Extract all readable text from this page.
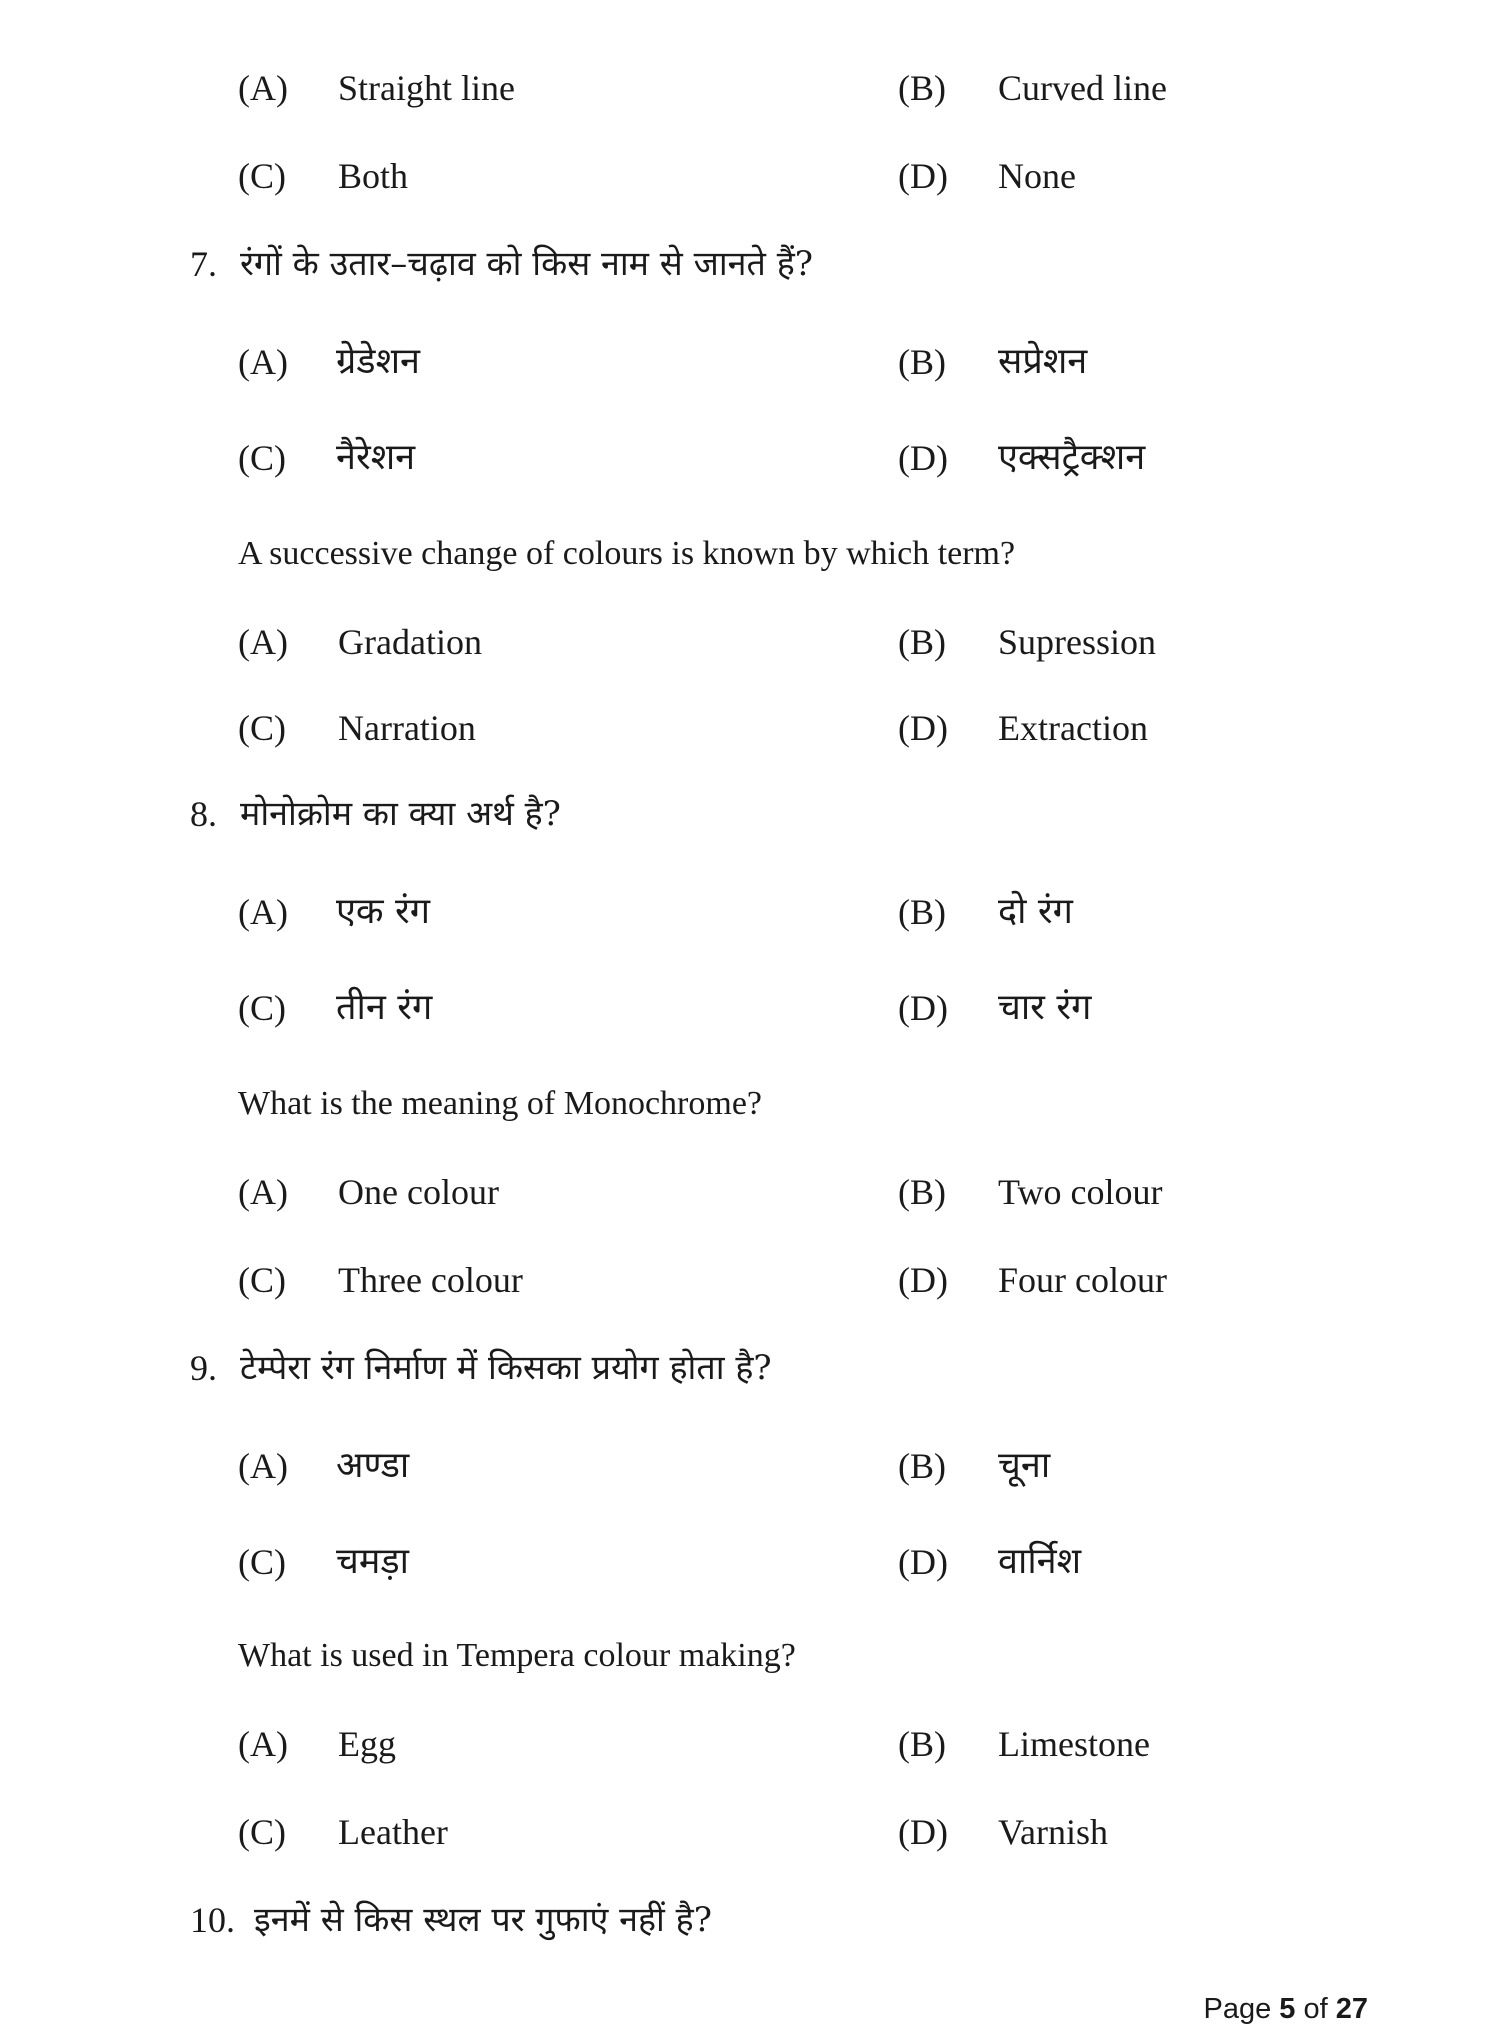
(A) Straight line	(B) Curved line
(C) Both	(D) None
7. रंगों के उतार–चढ़ाव को किस नाम से जानते हैं?
(A) ग्रेडेशन	(B) सप्रेशन
(C) नैरेशन	(D) एक्सट्रैक्शन
A successive change of colours is known by which term?
(A) Gradation	(B) Supression
(C) Narration	(D) Extraction
8. मोनोक्रोम का क्या अर्थ है?
(A) एक रंग	(B) दो रंग
(C) तीन रंग	(D) चार रंग
What is the meaning of Monochrome?
(A) One colour	(B) Two colour
(C) Three colour	(D) Four colour
9. टेम्पेरा रंग निर्माण में किसका प्रयोग होता है?
(A) अण्डा	(B) चूना
(C) चमड़ा	(D) वार्निश
What is used in Tempera colour making?
(A) Egg	(B) Limestone
(C) Leather	(D) Varnish
10. इनमें से किस स्थल पर गुफाएं नहीं है?
Page 5 of 27
